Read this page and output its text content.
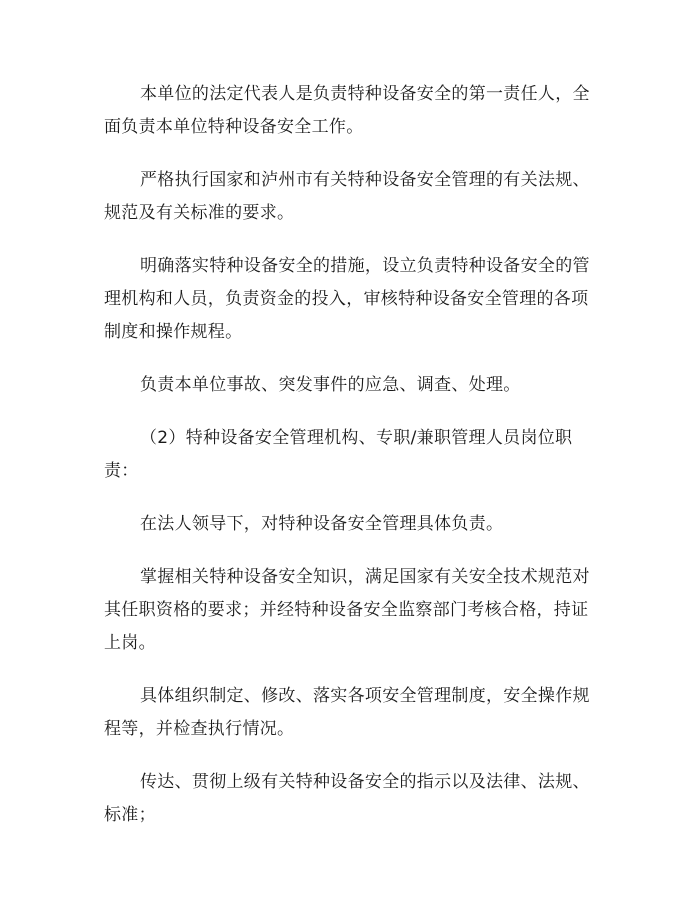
本单位的法定代表人是负责特种设备安全的第一责任人，全面负责本单位特种设备安全工作。

严格执行国家和泸州市有关特种设备安全管理的有关法规、规范及有关标准的要求。

明确落实特种设备安全的措施，设立负责特种设备安全的管理机构和人员，负责资金的投入，审核特种设备安全管理的各项制度和操作规程。

负责本单位事故、突发事件的应急、调查、处理。

（2）特种设备安全管理机构、专职/兼职管理人员岗位职责：

在法人领导下，对特种设备安全管理具体负责。

掌握相关特种设备安全知识，满足国家有关安全技术规范对其任职资格的要求；并经特种设备安全监察部门考核合格，持证上岗。

具体组织制定、修改、落实各项安全管理制度，安全操作规程等，并检查执行情况。

传达、贯彻上级有关特种设备安全的指示以及法律、法规、标准；
